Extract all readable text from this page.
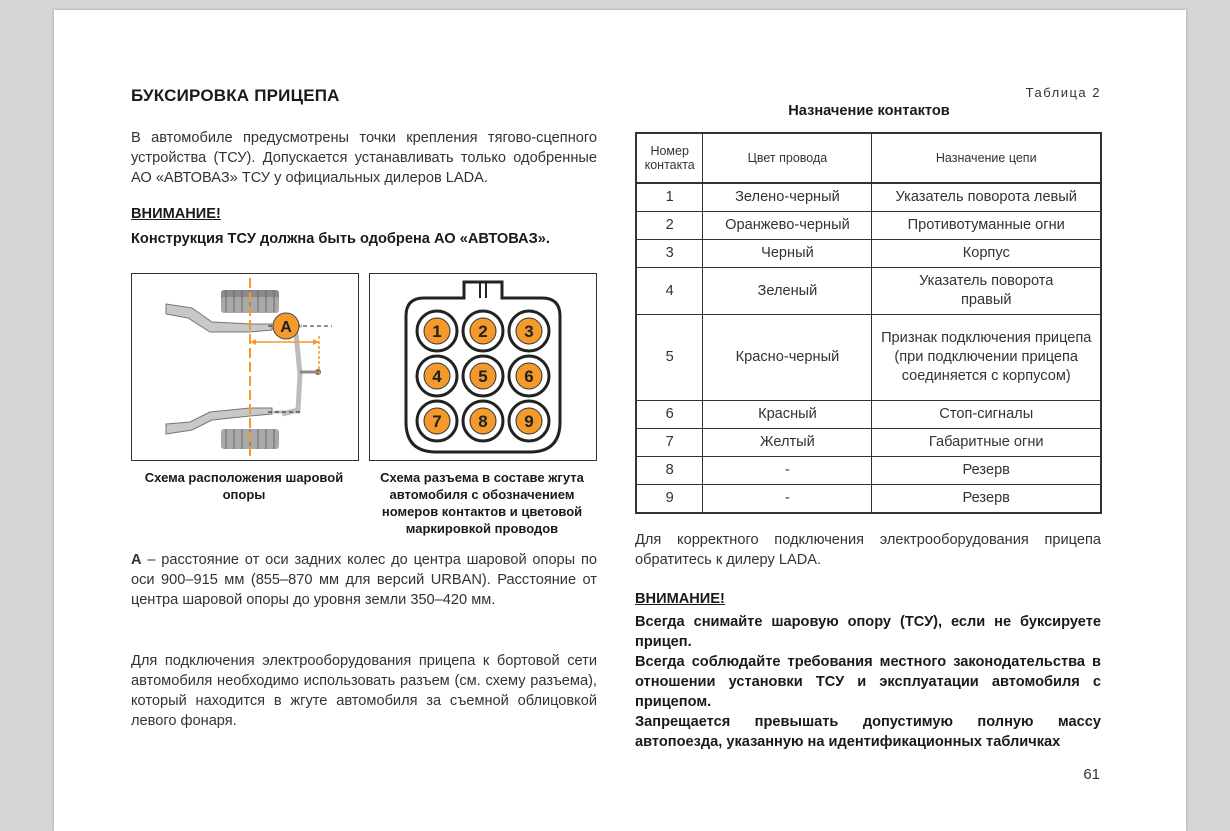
БУКСИРОВКА ПРИЦЕПА
В автомобиле предусмотрены точки крепления тягово-сцепного устройства (ТСУ). Допускается устанавливать только одобренные АО «АВТОВАЗ» ТСУ у официальных дилеров LADA.
ВНИМАНИЕ!
Конструкция ТСУ должна быть одобрена АО «АВТОВАЗ».
A	1 2 3
4 5 6
7 8 9
Схема расположения шаровой опоры
Схема разъема в составе жгута автомобиля с обозначением номеров контактов и цветовой маркировкой проводов
А – расстояние от оси задних колес до центра шаровой опоры по оси 900–915 мм (855–870 мм для версий URBAN). Расстояние от центра шаровой опоры до уровня земли 350–420 мм.
Для подключения электрооборудования прицепа к бортовой сети автомобиля необходимо использовать разъем (см. схему разъема), который находится в жгуте автомобиля за съемной облицовкой левого фонаря.
Таблица 2
Назначение контактов
Номер контакта	Цвет провода	Назначение цепи
1	Зелено-черный	Указатель поворота левый
2	Оранжево-черный	Противотуманные огни
3	Черный	Корпус
4	Зеленый	Указатель поворота правый
5	Красно-черный	Признак подключения прицепа (при подключении прицепа соединяется с корпусом)
6	Красный	Стоп-сигналы
7	Желтый	Габаритные огни
8	-	Резерв
9	-	Резерв
Для корректного подключения электрооборудования прицепа обратитесь к дилеру LADA.
ВНИМАНИЕ!
Всегда снимайте шаровую опору (ТСУ), если не буксируете прицеп.
Всегда соблюдайте требования местного законодательства в отношении установки ТСУ и эксплуатации автомобиля с прицепом.
Запрещается превышать допустимую полную массу автопоезда, указанную на идентификационных табличках
61
